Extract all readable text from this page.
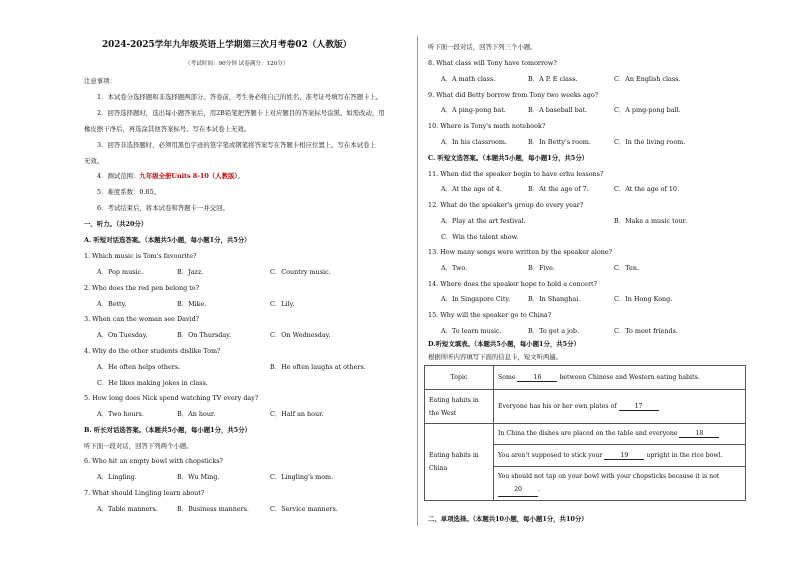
2024-2025学年九年级英语上学期第三次月考卷02（人教版）
（考试时间：90分钟 试卷满分：120分）
注意事项：
1．本试卷分选择题和非选择题两部分。答卷前，考生务必将自己的姓名、准考证号填写在答题卡上。
2．回答选择题时，选出每小题答案后，用2B铅笔把答题卡上对应题目的答案标号涂黑。如需改动，用
橡皮擦干净后，再选涂其他答案标号。写在本试卷上无效。
3．回答非选择题时，必须用黑色字迹的签字笔或钢笔将答案写在答题卡相应位置上。写在本试卷上
无效。
4．测试范围：九年级全册Units 8-10（人教版）。
5．难度系数：0.65。
6．考试结束后，将本试卷和答题卡一并交回。
一、听力。（共20分）
A. 听短对话选答案。（本题共5小题，每小题1分，共5分）
1. Which music is Tom's favourite?
A．Pop music.	B．Jazz.	C．Country music.
2. Who does the red pen belong to?
A．Betty.	B．Mike.	C．Lily.
3. When can the woman see David?
A．On Tuesday.	B．On Thursday.	C．On Wednesday.
4. Why do the other students dislike Tom?
A．He often helps others.	B．He often laughs at others.
C．He likes making jokes in class.
5. How long does Nick spend watching TV every day?
A．Two hours.	B．An hour.	C．Half an hour.
B. 听长对话选答案。（本题共5小题，每小题1分，共5分）
听下面一段对话，回答下列两个小题。
6. Who hit an empty bowl with chopsticks?
A．Lingling.	B．Wu Ming.	C．Lingling's mom.
7. What should Lingling learn about?
A．Table manners.	B．Business manners.	C．Service manners.
听下面一段对话，回答下列三个小题。
8. What class will Tony have tomorrow?
A．A math class.	B．A P. E class.	C．An English class.
9. What did Betty borrow from Tony two weeks ago?
A．A ping-pong bat.	B．A baseball bat.	C．A ping-pong ball.
10. Where is Tony's math notebook?
A．In his classroom.	B．In Betty's room.	C．In the living room.
C. 听短文选答案。（本题共5小题，每小题1分，共5分）
11. When did the speaker begin to have erhu lessons?
A．At the age of 4.	B．At the age of 7.	C．At the age of 10.
12. What do the speaker's group do every year?
A．Play at the art festival.	B．Make a music tour.
C．Win the talent show.
13. How many songs were written by the speaker alone?
A．Two.	B．Five.	C．Ten.
14. Where does the speaker hope to hold a concert?
A．In Singapore City.	B．In Shanghai.	C．In Hong Kong.
15. Why will the speaker go to China?
A．To learn music.	B．To get a job.	C．To meet friends.
D.听短文填表。（本题共5小题，每小题1分，共5分）
根据所听内容填写下面的信息卡，短文听两遍。
Topic	Some 16 between Chinese and Western eating habits.
Eating habits in the West	Everyone has his or her own plates of 17
Eating habits in China	In China the dishes are placed on the table and everyone 18
	You aren't supposed to stick your 19 upright in the rice bowl.
	You should not tap on your bowl with your chopsticks because it is not
20 .
二、单项选择。（本题共10小题，每小题1分，共10分）
